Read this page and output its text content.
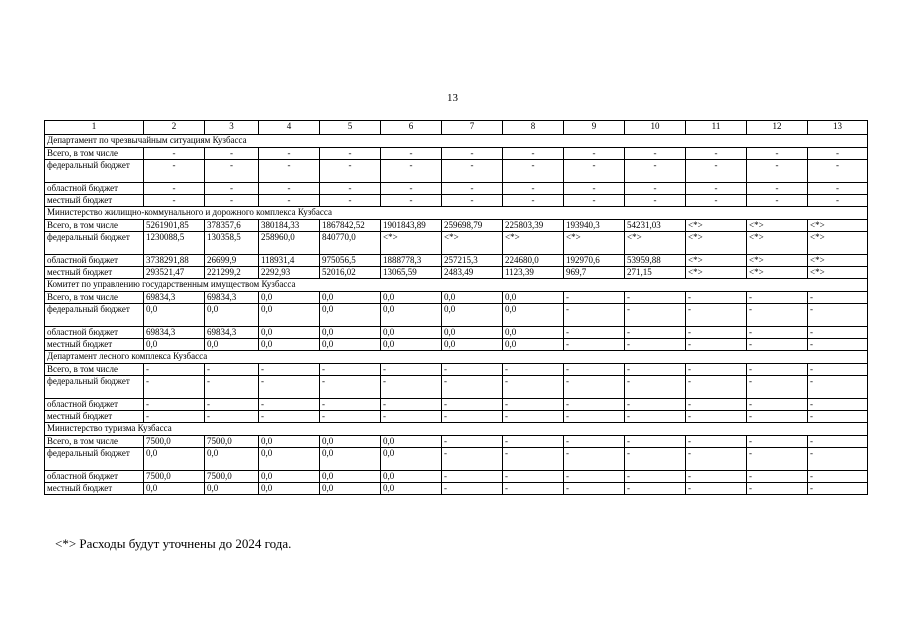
13
1	2	3	4	5	6	7	8	9	10	11	12	13
Департамент по чрезвычайным ситуациям Кузбасса												
Всего, в том числе	-	-	-	-	-	-	-	-	-	-	-	-
федеральный бюджет	-	-	-	-	-	-	-	-	-	-	-	-
областной бюджет	-	-	-	-	-	-	-	-	-	-	-	-
местный бюджет	-	-	-	-	-	-	-	-	-	-	-	-
Министерство жилищно-коммунального и дорожного комплекса Кузбасса												
Всего, в том числе	5261901,85	378357,6	380184,33	1867842,52	1901843,89	259698,79	225803,39	193940,3	54231,03	<*>	<*>	<*>
федеральный бюджет	1230088,5	130358,5	258960,0	840770,0	<*>	<*>	<*>	<*>	<*>	<*>	<*>	<*>
областной бюджет	3738291,88	26699,9	118931,4	975056,5	1888778,3	257215,3	224680,0	192970,6	53959,88	<*>	<*>	<*>
местный бюджет	293521,47	221299,2	2292,93	52016,02	13065,59	2483,49	1123,39	969,7	271,15	<*>	<*>	<*>
Комитет по управлению государственным имуществом Кузбасса												
Всего, в том числе	69834,3	69834,3	0,0	0,0	0,0	0,0	0,0	-	-	-	-	-
федеральный бюджет	0,0	0,0	0,0	0,0	0,0	0,0	0,0	-	-	-	-	-
областной бюджет	69834,3	69834,3	0,0	0,0	0,0	0,0	0,0	-	-	-	-	-
местный бюджет	0,0	0,0	0,0	0,0	0,0	0,0	0,0	-	-	-	-	-
Департамент лесного комплекса Кузбасса												
Всего, в том числе	-	-	-	-	-	-	-	-	-	-	-	-
федеральный бюджет	-	-	-	-	-	-	-	-	-	-	-	-
областной бюджет	-	-	-	-	-	-	-	-	-	-	-	-
местный бюджет	-	-	-	-	-	-	-	-	-	-	-	-
Министерство туризма Кузбасса												
Всего, в том числе	7500,0	7500,0	0,0	0,0	0,0	-	-	-	-	-	-	-
федеральный бюджет	0,0	0,0	0,0	0,0	0,0	-	-	-	-	-	-	-
областной бюджет	7500,0	7500,0	0,0	0,0	0,0	-	-	-	-	-	-	-
местный бюджет	0,0	0,0	0,0	0,0	0,0	-	-	-	-	-	-	-
<*> Расходы будут уточнены до 2024 года.
